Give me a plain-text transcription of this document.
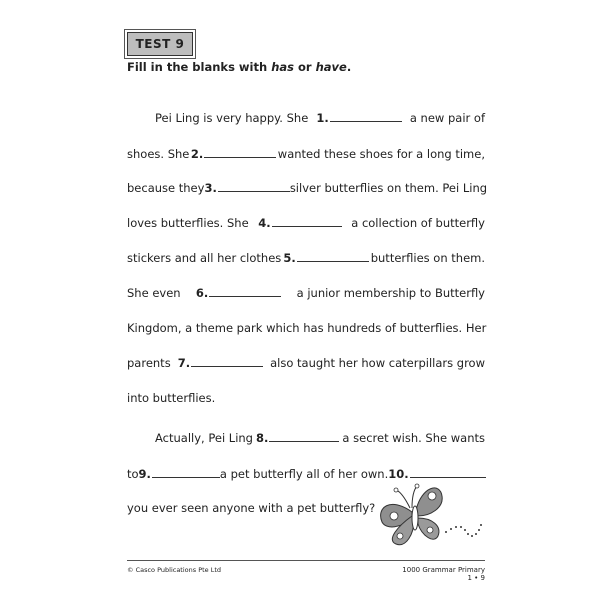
TEST 9
Fill in the blanks with has or have.
Pei Ling is very happy. She 1.	a new pair of
shoes. She 2.	wanted these shoes for a long time,
because they 3.	silver butterflies on them. Pei Ling
loves butterflies. She 4.	a collection of butterfly
stickers and all her clothes 5.	butterflies on them.
She even 6.	a junior membership to Butterfly
Kingdom, a theme park which has hundreds of butterflies. Her
parents 7.	also taught her how caterpillars grow
into butterflies.
Actually, Pei Ling 8.	a secret wish. She wants
to 9.	a pet butterfly all of her own. 10.
you ever seen anyone with a pet butterfly?
© Casco Publications Pte Ltd	1000 Grammar Primary 1 • 9
